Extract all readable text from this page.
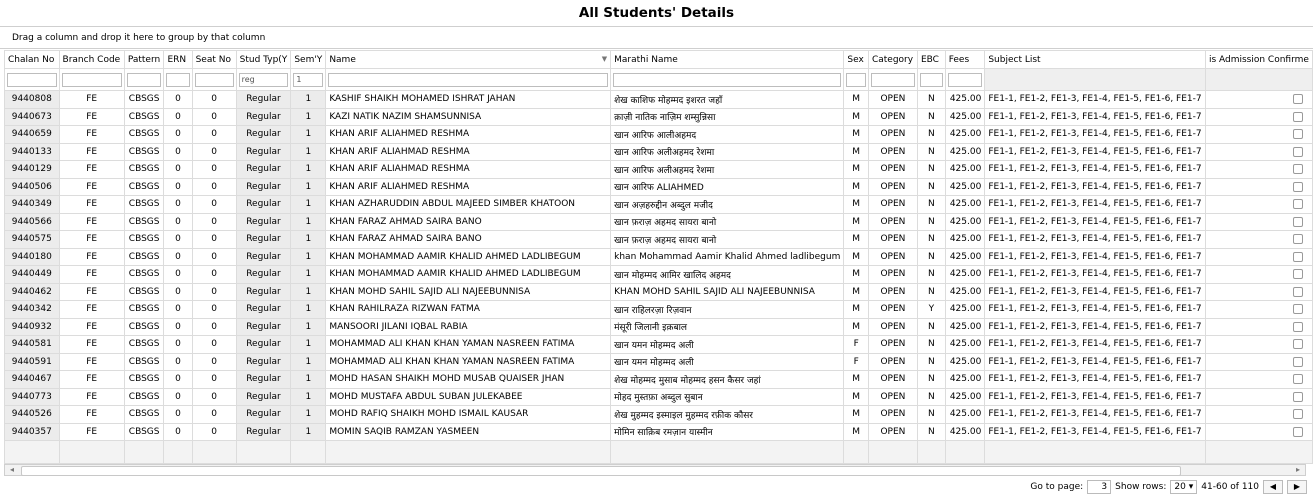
All Students' Details
Drag a column and drop it here to group by that column
Chalan No	Branch Code	Pattern	ERN	Seat No	Stud Typ(Y	Sem'Y	Name ▼	Marathi Name	Sex	Category	EBC	Fees	Subject List	is Admission Confirme
					reg	1								
9440808	FE	CBSGS	0	0	Regular	1	KASHIF SHAIKH MOHAMED ISHRAT JAHAN	शेख काशिफ मोहम्मद इशरत जहाँ	M	OPEN	N	425.00	FE1-1, FE1-2, FE1-3, FE1-4, FE1-5, FE1-6, FE1-7	
9440673	FE	CBSGS	0	0	Regular	1	KAZI NATIK NAZIM SHAMSUNNISA	क़ाज़ी नातिक नाज़िम शम्सुन्निसा	M	OPEN	N	425.00	FE1-1, FE1-2, FE1-3, FE1-4, FE1-5, FE1-6, FE1-7	
9440659	FE	CBSGS	0	0	Regular	1	KHAN ARIF ALIAHMED RESHMA	खान आरिफ आलीअहमद	M	OPEN	N	425.00	FE1-1, FE1-2, FE1-3, FE1-4, FE1-5, FE1-6, FE1-7	
9440133	FE	CBSGS	0	0	Regular	1	KHAN ARIF ALIAHMAD RESHMA	खान आरिफ अलीअहमद रेशमा	M	OPEN	N	425.00	FE1-1, FE1-2, FE1-3, FE1-4, FE1-5, FE1-6, FE1-7	
9440129	FE	CBSGS	0	0	Regular	1	KHAN ARIF ALIAHMAD RESHMA	खान आरिफ अलीअहमद रेशमा	M	OPEN	N	425.00	FE1-1, FE1-2, FE1-3, FE1-4, FE1-5, FE1-6, FE1-7	
9440506	FE	CBSGS	0	0	Regular	1	KHAN ARIF ALIAHMED RESHMA	खान आरिफ ALIAHMED	M	OPEN	N	425.00	FE1-1, FE1-2, FE1-3, FE1-4, FE1-5, FE1-6, FE1-7	
9440349	FE	CBSGS	0	0	Regular	1	KHAN AZHARUDDIN ABDUL MAJEED SIMBER KHATOON	खान अज़हरुद्दीन अब्दुल मजीद	M	OPEN	N	425.00	FE1-1, FE1-2, FE1-3, FE1-4, FE1-5, FE1-6, FE1-7	
9440566	FE	CBSGS	0	0	Regular	1	KHAN FARAZ AHMAD SAIRA BANO	खान फ़राज़ अहमद सायरा बानो	M	OPEN	N	425.00	FE1-1, FE1-2, FE1-3, FE1-4, FE1-5, FE1-6, FE1-7	
9440575	FE	CBSGS	0	0	Regular	1	KHAN FARAZ AHMAD SAIRA BANO	खान फ़राज़ अहमद सायरा बानो	M	OPEN	N	425.00	FE1-1, FE1-2, FE1-3, FE1-4, FE1-5, FE1-6, FE1-7	
9440180	FE	CBSGS	0	0	Regular	1	KHAN MOHAMMAD AAMIR KHALID AHMED LADLIBEGUM	khan Mohammad Aamir Khalid Ahmed ladlibegum	M	OPEN	N	425.00	FE1-1, FE1-2, FE1-3, FE1-4, FE1-5, FE1-6, FE1-7	
9440449	FE	CBSGS	0	0	Regular	1	KHAN MOHAMMAD AAMIR KHALID AHMED LADLIBEGUM	खान मोहम्मद आमिर खालिद अहमद	M	OPEN	N	425.00	FE1-1, FE1-2, FE1-3, FE1-4, FE1-5, FE1-6, FE1-7	
9440462	FE	CBSGS	0	0	Regular	1	KHAN MOHD SAHIL SAJID ALI NAJEEBUNNISA	KHAN MOHD SAHIL SAJID ALI NAJEEBUNNISA	M	OPEN	N	425.00	FE1-1, FE1-2, FE1-3, FE1-4, FE1-5, FE1-6, FE1-7	
9440342	FE	CBSGS	0	0	Regular	1	KHAN RAHILRAZA RIZWAN FATMA	खान राहिलरज़ा रिज़वान	M	OPEN	Y	425.00	FE1-1, FE1-2, FE1-3, FE1-4, FE1-5, FE1-6, FE1-7	
9440932	FE	CBSGS	0	0	Regular	1	MANSOORI JILANI IQBAL RABIA	मंसूरी जिलानी इक़बाल	M	OPEN	N	425.00	FE1-1, FE1-2, FE1-3, FE1-4, FE1-5, FE1-6, FE1-7	
9440581	FE	CBSGS	0	0	Regular	1	MOHAMMAD ALI KHAN KHAN YAMAN NASREEN FATIMA	खान यमन मोहम्मद अली	F	OPEN	N	425.00	FE1-1, FE1-2, FE1-3, FE1-4, FE1-5, FE1-6, FE1-7	
9440591	FE	CBSGS	0	0	Regular	1	MOHAMMAD ALI KHAN KHAN YAMAN NASREEN FATIMA	खान यमन मोहम्मद अली	F	OPEN	N	425.00	FE1-1, FE1-2, FE1-3, FE1-4, FE1-5, FE1-6, FE1-7	
9440467	FE	CBSGS	0	0	Regular	1	MOHD HASAN SHAIKH MOHD MUSAB QUAISER JHAN	शेख मोहम्मद मुसाब मोहम्मद हसन कैसर जहां	M	OPEN	N	425.00	FE1-1, FE1-2, FE1-3, FE1-4, FE1-5, FE1-6, FE1-7	
9440773	FE	CBSGS	0	0	Regular	1	MOHD MUSTAFA ABDUL SUBAN JULEKABEE	मोहद मुस्तफ़ा अब्दुल सुबान	M	OPEN	N	425.00	FE1-1, FE1-2, FE1-3, FE1-4, FE1-5, FE1-6, FE1-7	
9440526	FE	CBSGS	0	0	Regular	1	MOHD RAFIQ SHAIKH MOHD ISMAIL KAUSAR	शेख मुहम्मद इस्माइल मुहम्मद रफ़ीक कौसर	M	OPEN	N	425.00	FE1-1, FE1-2, FE1-3, FE1-4, FE1-5, FE1-6, FE1-7	
9440357	FE	CBSGS	0	0	Regular	1	MOMIN SAQIB RAMZAN YASMEEN	मोमिन साक़िब रमज़ान यास्मीन	M	OPEN	N	425.00	FE1-1, FE1-2, FE1-3, FE1-4, FE1-5, FE1-6, FE1-7	

◂	▸
Go to page:	3 Show rows: 20 ▾ 41-60 of 110	◀	▶
